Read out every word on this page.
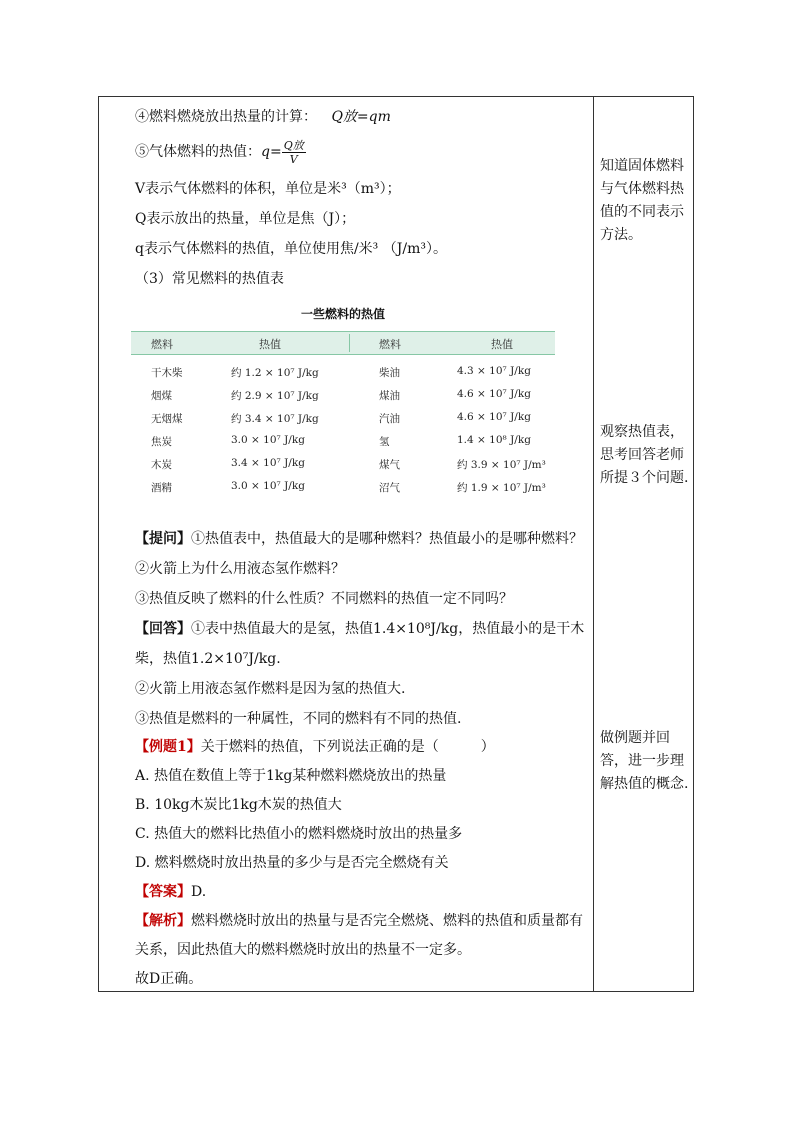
④燃料燃烧放出热量的计算： Q放=qm
⑤气体燃料的热值：$q= \frac{\text{Q放}}{V}$
V表示气体燃料的体积，单位是米³（m³）；
Q表示放出的热量，单位是焦（J）；
q表示气体燃料的热值，单位使用焦/米³ （J/m³）。
（3）常见燃料的热值表
一些燃料的热值
燃料	热值	燃料	热值
干木柴	约 1.2 × 10⁷ J/kg	柴油	4.3 × 10⁷ J/kg
烟煤	约 2.9 × 10⁷ J/kg	煤油	4.6 × 10⁷ J/kg
无烟煤	约 3.4 × 10⁷ J/kg	汽油	4.6 × 10⁷ J/kg
焦炭	3.0 × 10⁷ J/kg	氢	1.4 × 10⁸ J/kg
木炭	3.4 × 10⁷ J/kg	煤气	约 3.9 × 10⁷ J/m³
酒精	3.0 × 10⁷ J/kg	沼气	约 1.9 × 10⁷ J/m³
【提问】①热值表中，热值最大的是哪种燃料？热值最小的是哪种燃料？
②火箭上为什么用液态氢作燃料？
③热值反映了燃料的什么性质？不同燃料的热值一定不同吗？
【回答】①表中热值最大的是氢，热值1.4×10⁸J/kg，热值最小的是干木
柴，热值1.2×10⁷J/kg.
②火箭上用液态氢作燃料是因为氢的热值大.
③热值是燃料的一种属性，不同的燃料有不同的热值.
【例题1】关于燃料的热值，下列说法正确的是（　　　）
A. 热值在数值上等于1kg某种燃料燃烧放出的热量
B. 10kg木炭比1kg木炭的热值大
C. 热值大的燃料比热值小的燃料燃烧时放出的热量多
D. 燃料燃烧时放出热量的多少与是否完全燃烧有关
【答案】D.
【解析】燃料燃烧时放出的热量与是否完全燃烧、燃料的热值和质量都有
关系，因此热值大的燃料燃烧时放出的热量不一定多。
故D正确。
知道固体燃料
与气体燃料热
值的不同表示
方法。
观察热值表，
思考回答老师
所提３个问题.
做例题并回
答，进一步理
解热值的概念.
